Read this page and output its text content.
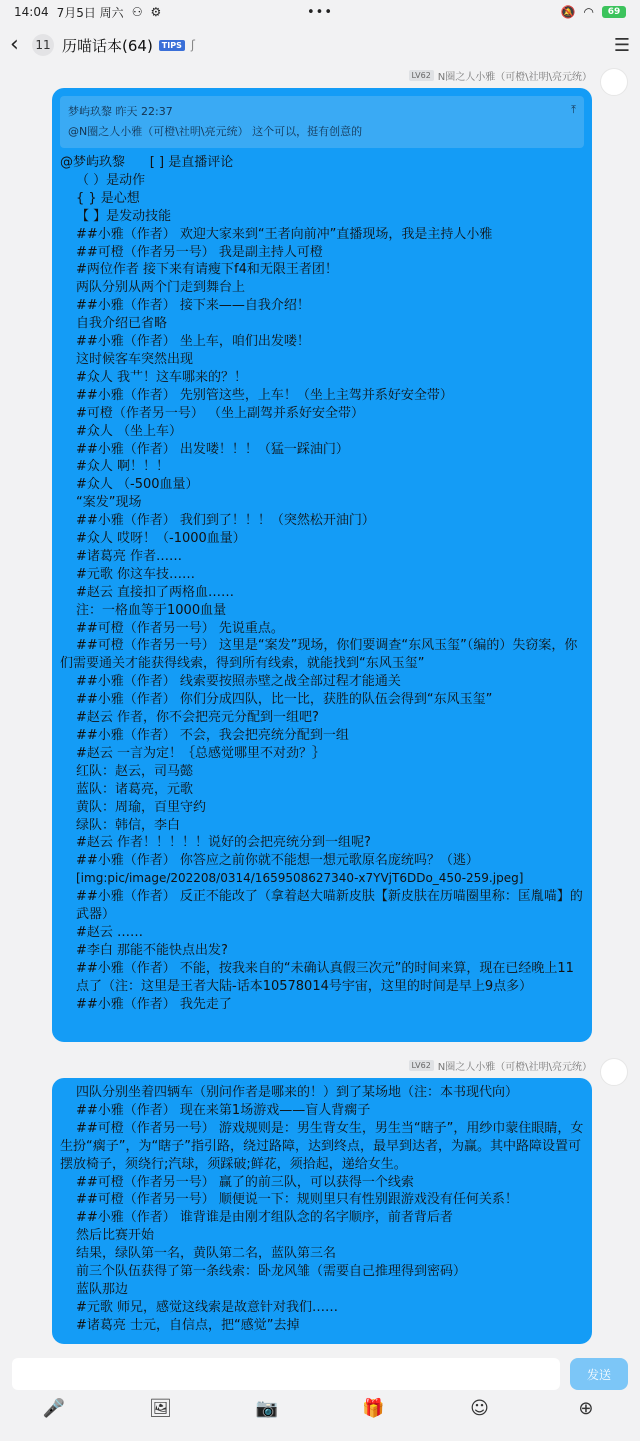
14:04 7月5日 周六 ⚇ ⚙	•••	🔕 ◠	69
‹	11 历喵话本(64)	TIPS ʃ	☰
LV62 N圈之人小雅（可橙\社明\亮元统）
梦屿玖黎 昨天 22:37
@N圈之人小雅（可橙\社明\亮元统） 这个可以，挺有创意的
⤒
@梦屿玖黎      [ ] 是直播评论
（ ）是动作
{ } 是心想
【 】是发动技能
##小雅（作者） 欢迎大家来到“王者向前冲”直播现场，我是主持人小雅
##可橙（作者另一号） 我是副主持人可橙
#两位作者 接下来有请瘦下f4和无限王者团！
两队分别从两个门走到舞台上
##小雅（作者） 接下来——自我介绍！
自我介绍已省略
##小雅（作者） 坐上车，咱们出发喽！
这时候客车突然出现
#众人 我艹！这车哪来的？！
##小雅（作者） 先别管这些，上车！（坐上主驾并系好安全带）
#可橙（作者另一号） （坐上副驾并系好安全带）
#众人 （坐上车）
##小雅（作者） 出发喽！！！（猛一踩油门）
#众人 啊！！！
#众人 （-500血量）
“案发”现场
##小雅（作者） 我们到了！！！（突然松开油门）
#众人 哎呀！（-1000血量）
#诸葛亮 作者……
#元歌 你这车技……
#赵云 直接扣了两格血……
注：一格血等于1000血量
##可橙（作者另一号） 先说重点。
##可橙（作者另一号） 这里是“案发”现场，你们要调查“东风玉玺”（编的）失窃案，你们需要通关才能获得线索，得到所有线索，就能找到“东风玉玺”
##小雅（作者） 线索要按照赤壁之战全部过程才能通关
##小雅（作者） 你们分成四队，比一比，获胜的队伍会得到“东风玉玺”
#赵云 作者，你不会把亮元分配到一组吧?
##小雅（作者） 不会，我会把亮统分配到一组
#赵云 一言为定！｛总感觉哪里不对劲？｝
红队：赵云，司马懿
蓝队：诸葛亮，元歌
黄队：周瑜，百里守约
绿队：韩信，李白
#赵云 作者！！！！！说好的会把亮统分到一组呢?
##小雅（作者） 你答应之前你就不能想一想元歌原名庞统吗？（逃）
[img:pic/image/202208/0314/1659508627340-x7YVjT6DDo_450-259.jpeg]
##小雅（作者） 反正不能改了（拿着赵大喵新皮肤【新皮肤在历喵圈里称：匡胤喵】的武器）
#赵云 ……
#李白 那能不能快点出发?
##小雅（作者） 不能，按我来自的“未确认真假三次元”的时间来算，现在已经晚上11点了（注：这里是王者大陆-话本10578014号宇宙，这里的时间是早上9点多）
##小雅（作者） 我先走了
LV62 N圈之人小雅（可橙\社明\亮元统）
四队分别坐着四辆车（别问作者是哪来的！）到了某场地（注：本书现代向）
##小雅（作者） 现在来第1场游戏——盲人背瘸子
##可橙（作者另一号） 游戏规则是：男生背女生，男生当“瞎子”，用纱巾蒙住眼睛，女生扮“瘸子”，为“瞎子”指引路，绕过路障，达到终点，最早到达者，为赢。其中路障设置可摆放椅子，须绕行;汽球，须踩破;鲜花，须拾起，递给女生。
##可橙（作者另一号） 赢了的前三队，可以获得一个线索
##可橙（作者另一号） 顺便说一下：规则里只有性别跟游戏没有任何关系！
##小雅（作者） 谁背谁是由刚才组队念的名字顺序，前者背后者
然后比赛开始
结果，绿队第一名，黄队第二名，蓝队第三名
前三个队伍获得了第一条线索：卧龙风雏（需要自己推理得到密码）
蓝队那边
#元歌 师兄，感觉这线索是故意针对我们……
#诸葛亮 士元，自信点，把“感觉”去掉
发送
🎤	🖼	📷	🎁	☺	⊕
